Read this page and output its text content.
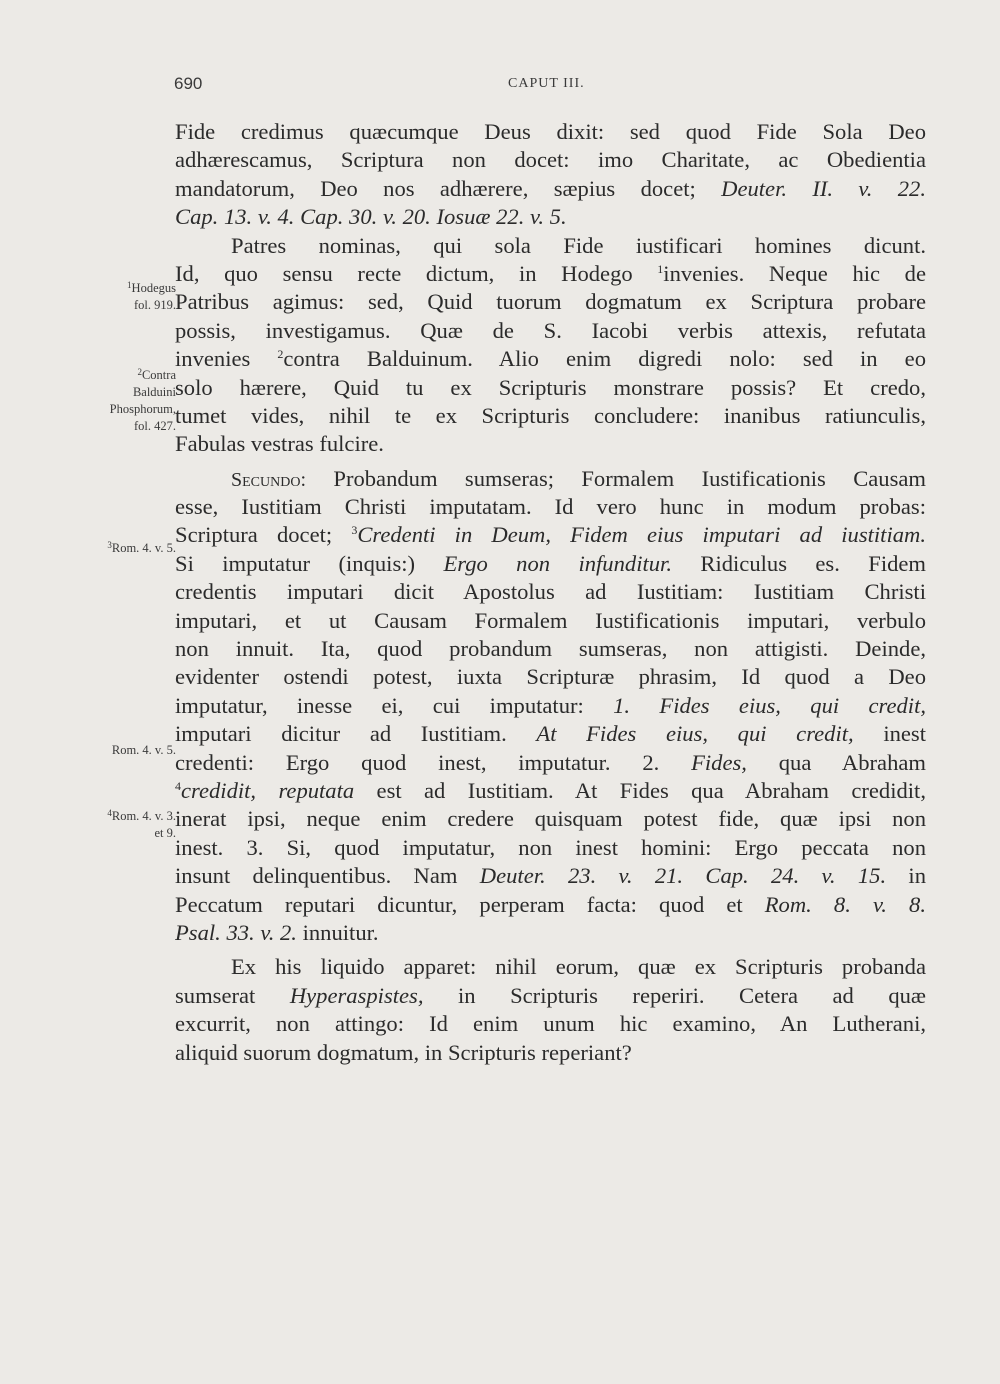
690	CAPUT III.
Fide credimus quæcumque Deus dixit: sed quod Fide Sola Deo
adhærescamus, Scriptura non docet: imo Charitate, ac Obedientia
mandatorum, Deo nos adhærere, sæpius docet; Deuter. II. v. 22.
Cap. 13. v. 4. Cap. 30. v. 20. Iosuæ 22. v. 5.
Patres nominas, qui sola Fide iustificari homines dicunt.
Id, quo sensu recte dictum, in Hodego $^1$invenies. Neque hic de
Patribus agimus: sed, Quid tuorum dogmatum ex Scriptura probare
possis, investigamus. Quæ de S. Iacobi verbis attexis, refutata
invenies $^2$contra Balduinum. Alio enim digredi nolo: sed in eo
solo hærere, Quid tu ex Scripturis monstrare possis? Et credo,
tumet vides, nihil te ex Scripturis concludere: inanibus ratiunculis,
Fabulas vestras fulcire.
Secundo: Probandum sumseras; Formalem Iustificationis Causam
esse, Iustitiam Christi imputatam. Id vero hunc in modum probas:
Scriptura docet; $^3$Credenti in Deum, Fidem eius imputari ad iustitiam.
Si imputatur (inquis:) Ergo non infunditur. Ridiculus es. Fidem
credentis imputari dicit Apostolus ad Iustitiam: Iustitiam Christi
imputari, et ut Causam Formalem Iustificationis imputari, verbulo
non innuit. Ita, quod probandum sumseras, non attigisti. Deinde,
evidenter ostendi potest, iuxta Scripturæ phrasim, Id quod a Deo
imputatur, inesse ei, cui imputatur: 1. Fides eius, qui credit,
imputari dicitur ad Iustitiam. At Fides eius, qui credit, inest
credenti: Ergo quod inest, imputatur. 2. Fides, qua Abraham
$^4$credidit, reputata est ad Iustitiam. At Fides qua Abraham credidit,
inerat ipsi, neque enim credere quisquam potest fide, quæ ipsi non
inest. 3. Si, quod imputatur, non inest homini: Ergo peccata non
insunt delinquentibus. Nam Deuter. 23. v. 21. Cap. 24. v. 15. in
Peccatum reputari dicuntur, perperam facta: quod et Rom. 8. v. 8.
Psal. 33. v. 2. innuitur.
Ex his liquido apparet: nihil eorum, quæ ex Scripturis probanda
sumserat Hyperaspistes, in Scripturis reperiri. Cetera ad quæ
excurrit, non attingo: Id enim unum hic examino, An Lutherani,
aliquid suorum dogmatum, in Scripturis reperiant?
$^1$Hodegus
fol. 919.
$^2$Contra
Balduini
Phosphorum,
fol. 427.
$^3$Rom. 4. v. 5.
Rom. 4. v. 5.
$^4$Rom. 4. v. 3.
et 9.
